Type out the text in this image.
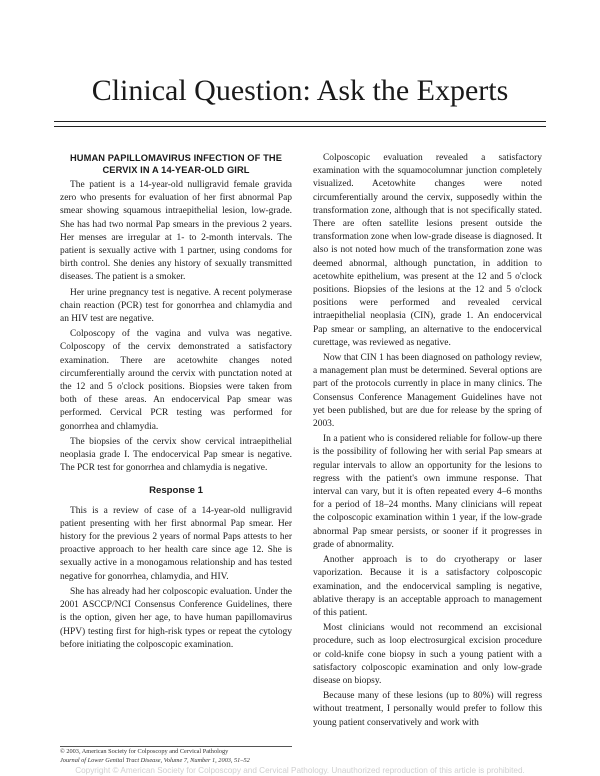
Clinical Question: Ask the Experts
HUMAN PAPILLOMAVIRUS INFECTION OF THE CERVIX IN A 14-YEAR-OLD GIRL

The patient is a 14-year-old nulligravid female gravida zero who presents for evaluation of her first abnormal Pap smear showing squamous intraepithelial lesion, low-grade. She has had two normal Pap smears in the previous 2 years. Her menses are irregular at 1- to 2-month intervals. The patient is sexually active with 1 partner, using condoms for birth control. She denies any history of sexually transmitted diseases. The patient is a smoker.

Her urine pregnancy test is negative. A recent polymerase chain reaction (PCR) test for gonorrhea and chlamydia and an HIV test are negative.

Colposcopy of the vagina and vulva was negative. Colposcopy of the cervix demonstrated a satisfactory examination. There are acetowhite changes noted circumferentially around the cervix with punctation noted at the 12 and 5 o'clock positions. Biopsies were taken from both of these areas. An endocervical Pap smear was performed. Cervical PCR testing was performed for gonorrhea and chlamydia.

The biopsies of the cervix show cervical intraepithelial neoplasia grade I. The endocervical Pap smear is negative. The PCR test for gonorrhea and chlamydia is negative.

Response 1

This is a review of case of a 14-year-old nulligravid patient presenting with her first abnormal Pap smear. Her history for the previous 2 years of normal Paps attests to her proactive approach to her health care since age 12. She is sexually active in a monogamous relationship and has tested negative for gonorrhea, chlamydia, and HIV.

She has already had her colposcopic evaluation. Under the 2001 ASCCP/NCI Consensus Conference Guidelines, there is the option, given her age, to have human papillomavirus (HPV) testing first for high-risk types or repeat the cytology before initiating the colposcopic examination.

Colposcopic evaluation revealed a satisfactory examination with the squamocolumnar junction completely visualized. Acetowhite changes were noted circumferentially around the cervix, supposedly within the transformation zone, although that is not specifically stated. There are often satellite lesions present outside the transformation zone when low-grade disease is diagnosed. It also is not noted how much of the transformation zone was deemed abnormal, although punctation, in addition to acetowhite epithelium, was present at the 12 and 5 o'clock positions. Biopsies of the lesions at the 12 and 5 o'clock positions were performed and revealed cervical intraepithelial neoplasia (CIN), grade 1. An endocervical Pap smear or sampling, an alternative to the endocervical curettage, was reviewed as negative.

Now that CIN 1 has been diagnosed on pathology review, a management plan must be determined. Several options are part of the protocols currently in place in many clinics. The Consensus Conference Management Guidelines have not yet been published, but are due for release by the spring of 2003.

In a patient who is considered reliable for follow-up there is the possibility of following her with serial Pap smears at regular intervals to allow an opportunity for the lesions to regress with the patient's own immune response. That interval can vary, but it is often repeated every 4–6 months for a period of 18–24 months. Many clinicians will repeat the colposcopic examination within 1 year, if the low-grade abnormal Pap smear persists, or sooner if it progresses in grade of abnormality.

Another approach is to do cryotherapy or laser vaporization. Because it is a satisfactory colposcopic examination, and the endocervical sampling is negative, ablative therapy is an acceptable approach to management of this patient.

Most clinicians would not recommend an excisional procedure, such as loop electrosurgical excision procedure or cold-knife cone biopsy in such a young patient with a satisfactory colposcopic examination and only low-grade disease on biopsy.

Because many of these lesions (up to 80%) will regress without treatment, I personally would prefer to follow this young patient conservatively and work with

© 2003, American Society for Colposcopy and Cervical Pathology
Journal of Lower Genital Tract Disease, Volume 7, Number 1, 2003, 51–52
Copyright © American Society for Colposcopy and Cervical Pathology. Unauthorized reproduction of this article is prohibited.
